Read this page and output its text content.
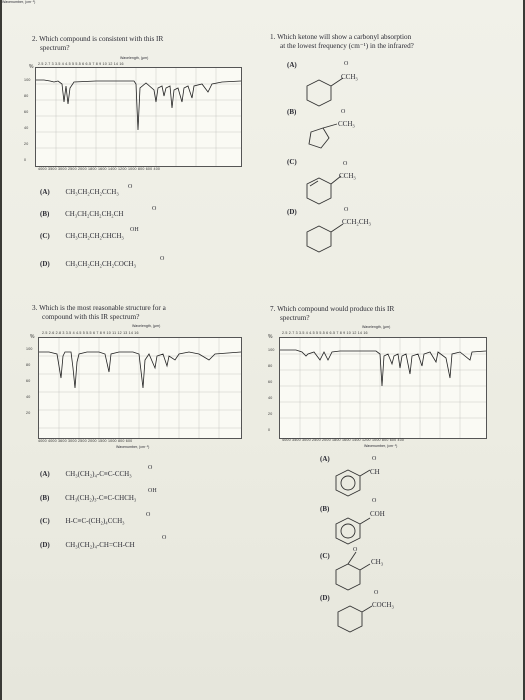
2. Which compound is consistent with this IR
spectrum?
Wavelength, (μm)
2.5 2.7 3 3.5 4 4.5 5 5.5 6 6.5 7 8 9 10 12 14 16
%
100
80
60
40
20
0
4000 3500 3000 2500 2000 1800 1600 1400 1200 1000 800 600 400
Wavenumber, (cm⁻¹)
(A)
O
CH₃CH₂CH₂CCH₃
(B)
O
CH₃CH₂CH₂CH₂CH
(C)
OH
CH₃CH₂CH₂CHCH₃
(D)
O
CH₃CH₂CH₂CH₂COCH₃
1. Which ketone will show a carbonyl absorption
at the lowest frequency (cm⁻¹) in the infrared?
(A)	O
CCH₃
(B)	O
CCH₃
(C)	O
CCH₃
(D)	O
CCH₂CH₃
3. Which is the most reasonable structure for a
compound with this IR spectrum?
Wavelength, (μm)
2.5 2.6 2.8 3 3.5 4 4.5 5 5.5 6 7 8 9 10 11 12 13 14 16
%
100
80
60
40
20
4000 4000 3600 3000 2500 2000 1500 1000 800 600
Wavenumber, (cm⁻¹)
(A)
O
CH₃(CH₂)₄-C≡C-CCH₃
(B)
OH
CH₃(CH₂)₃-C≡C-CHCH₃
(C)
O
H-C≡C-(CH₂)₄CCH₃
(D)
O
CH₃(CH₂)₄-CH=CH-CH
7. Which compound would produce this IR
spectrum?
Wavelength, (μm)
2.5 2.7 3 3.5 4 4.5 5 5.5 6 6.5 7 8 9 10 12 14 16
%
100
80
60
40
20
0
4000 3500 3000 2500 2000 1800 1600 1400 1200 1000 800 600 400
Wavenumber, (cm⁻¹)
(A)	O
CH
(B)
O
COH
(C)
O
CH₃
(D)
O
COCH₃
